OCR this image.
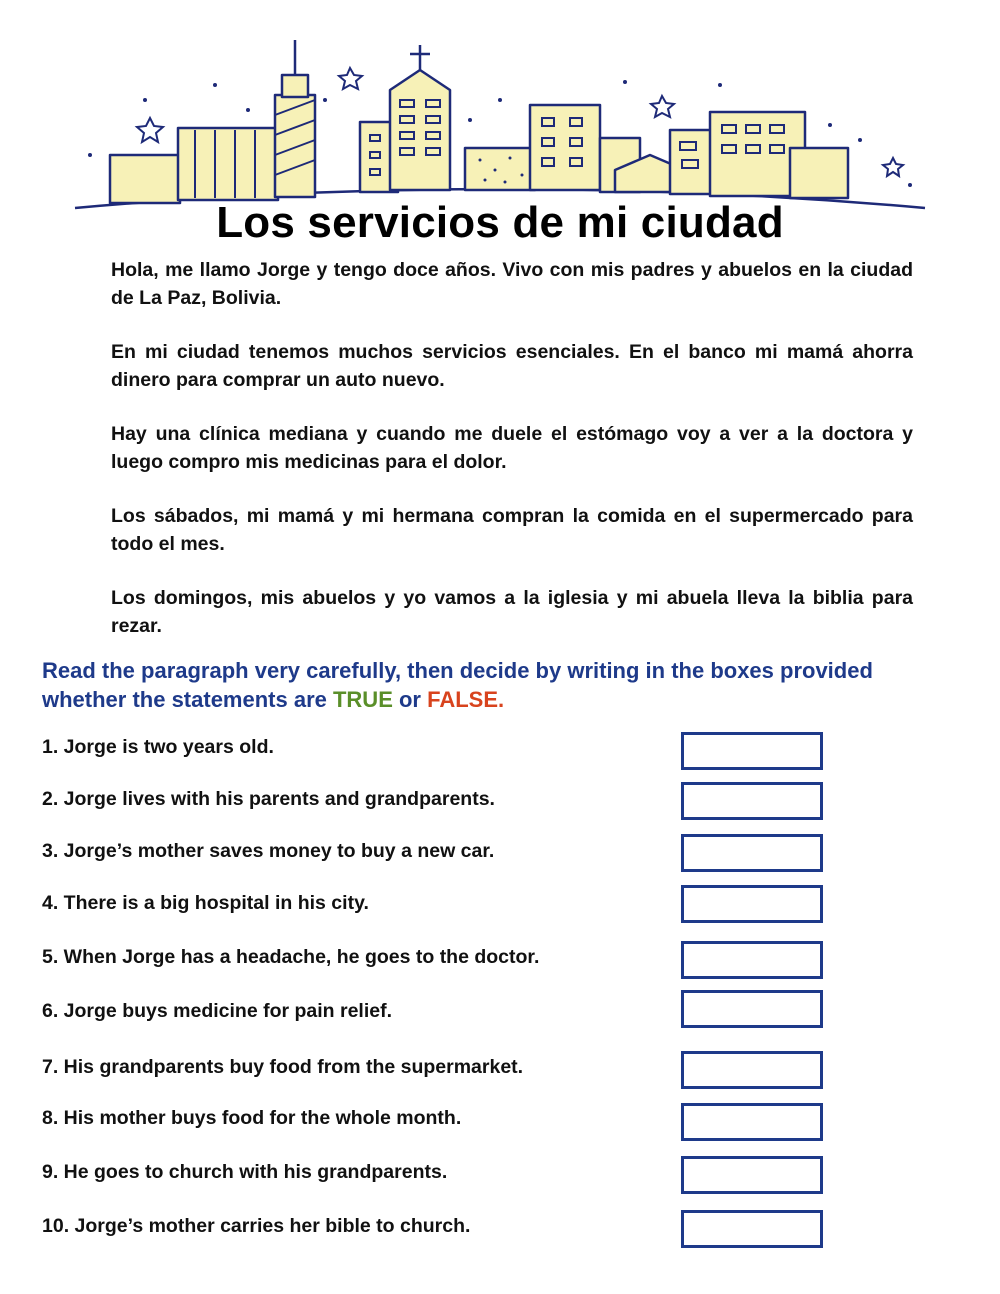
Los servicios de mi ciudad

Hola, me llamo Jorge y tengo doce años. Vivo con mis padres y abuelos en la ciudad de La Paz, Bolivia.

En mi ciudad tenemos muchos servicios esenciales. En el banco mi mamá ahorra dinero para comprar un auto nuevo.

Hay una clínica mediana y cuando me duele el estómago voy a ver a la doctora y luego compro mis medicinas para el dolor.

Los sábados, mi mamá y mi hermana compran la comida en el supermercado para todo el mes.

Los domingos, mis abuelos y yo vamos a la iglesia y mi abuela lleva la biblia para rezar.

Read the paragraph very carefully, then decide by writing in the boxes provided whether the statements are TRUE or FALSE.
1. Jorge is two years old.
2. Jorge lives with his parents and grandparents.
3. Jorge’s mother saves money to buy a new car.
4. There is a big hospital in his city.
5. When Jorge has a headache, he goes to the doctor.
6. Jorge buys medicine for pain relief.
7. His grandparents buy food from the supermarket.
8. His mother buys food for the whole month.
9. He goes to church with his grandparents.
10. Jorge’s mother carries her bible to church.
